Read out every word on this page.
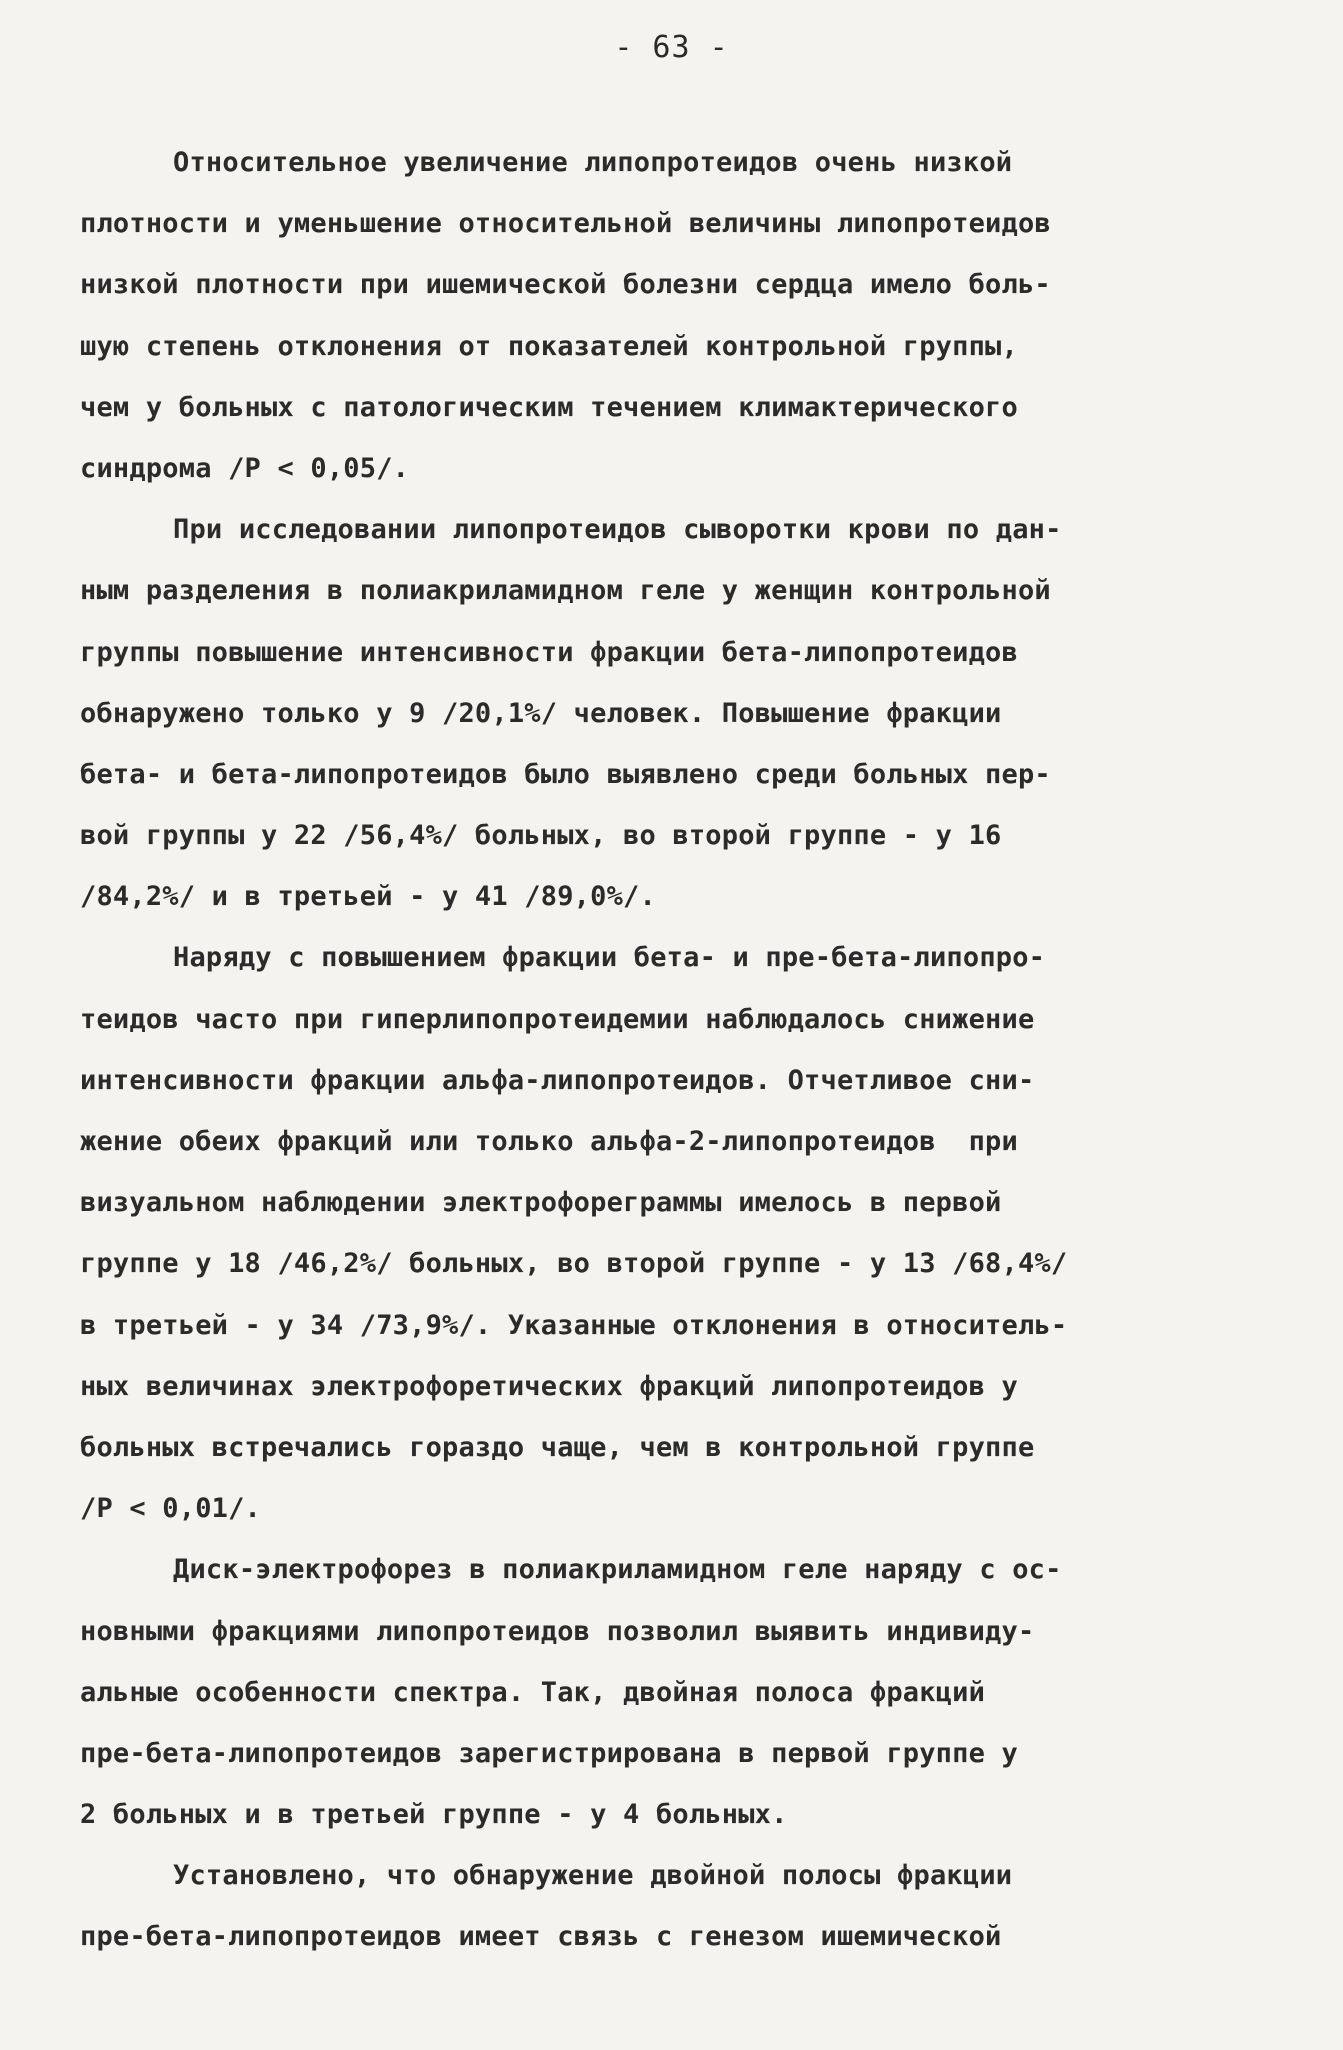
- 63 -
Относительное увеличение липопротеидов очень низкой
плотности и уменьшение относительной величины липопротеидов
низкой плотности при ишемической болезни сердца имело боль-
шую степень отклонения от показателей контрольной группы,
чем у больных с патологическим течением климактерического
синдрома /Р < 0,05/.
При исследовании липопротеидов сыворотки крови по дан-
ным разделения в полиакриламидном геле у женщин контрольной
группы повышение интенсивности фракции бета-липопротеидов
обнаружено только у 9 /20,1%/ человек. Повышение фракции
бета- и бета-липопротеидов было выявлено среди больных пер-
вой группы у 22 /56,4%/ больных, во второй группе - у 16
/84,2%/ и в третьей - у 41 /89,0%/.
Наряду с повышением фракции бета- и пре-бета-липопро-
теидов часто при гиперлипопротеидемии наблюдалось снижение
интенсивности фракции альфа-липопротеидов. Отчетливое сни-
жение обеих фракций или только альфа-2-липопротеидов  при
визуальном наблюдении электрофореграммы имелось в первой
группе у 18 /46,2%/ больных, во второй группе - у 13 /68,4%/
в третьей - у 34 /73,9%/. Указанные отклонения в относитель-
ных величинах электрофоретических фракций липопротеидов у
больных встречались гораздо чаще, чем в контрольной группе
/Р < 0,01/.
Диск-электрофорез в полиакриламидном геле наряду с ос-
новными фракциями липопротеидов позволил выявить индивиду-
альные особенности спектра. Так, двойная полоса фракций
пре-бета-липопротеидов зарегистрирована в первой группе у
2 больных и в третьей группе - у 4 больных.
Установлено, что обнаружение двойной полосы фракции
пре-бета-липопротеидов имеет связь с генезом ишемической
